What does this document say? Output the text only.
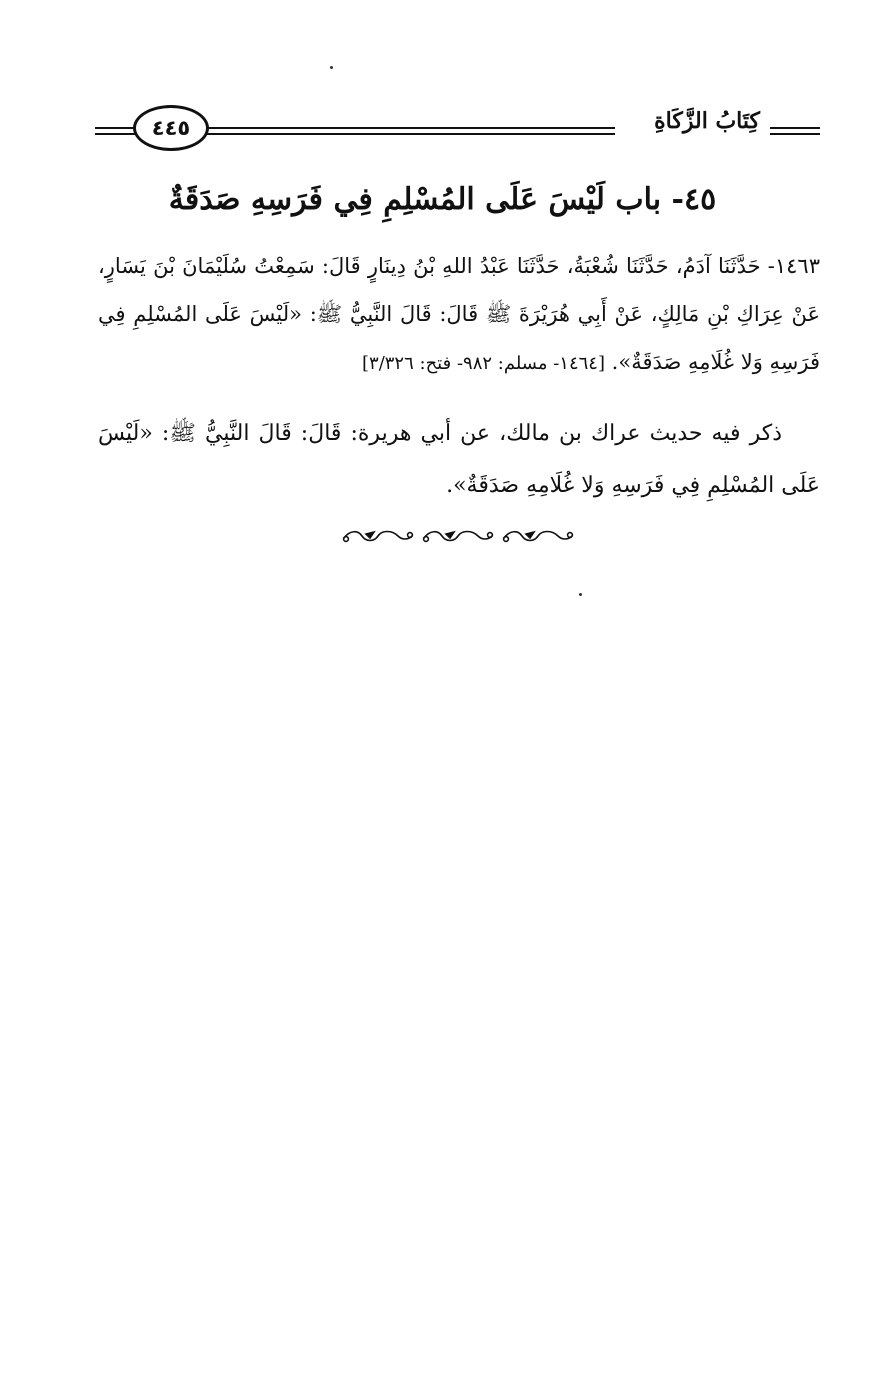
٤٤٥	كِتَابُ الزَّكَاةِ
٤٥- باب لَيْسَ عَلَى المُسْلِمِ فِي فَرَسِهِ صَدَقَةٌ

١٤٦٣- حَدَّثَنَا آدَمُ، حَدَّثَنَا شُعْبَةُ، حَدَّثَنَا عَبْدُ اللهِ بْنُ دِينَارٍ قَالَ: سَمِعْتُ سُلَيْمَانَ بْنَ يَسَارٍ، عَنْ عِرَاكِ بْنِ مَالِكٍ، عَنْ أَبِي هُرَيْرَةَ ﷺ قَالَ: قَالَ النَّبِيُّ ﷺ: «لَيْسَ عَلَى المُسْلِمِ فِي فَرَسِهِ وَلا غُلَامِهِ صَدَقَةٌ». [١٤٦٤- مسلم: ٩٨٢- فتح: ٣/٣٢٦]

ذكر فيه حديث عراك بن مالك، عن أبي هريرة: قَالَ: قَالَ النَّبِيُّ ﷺ: «لَيْسَ عَلَى المُسْلِمِ فِي فَرَسِهِ وَلا غُلَامِهِ صَدَقَةٌ».
